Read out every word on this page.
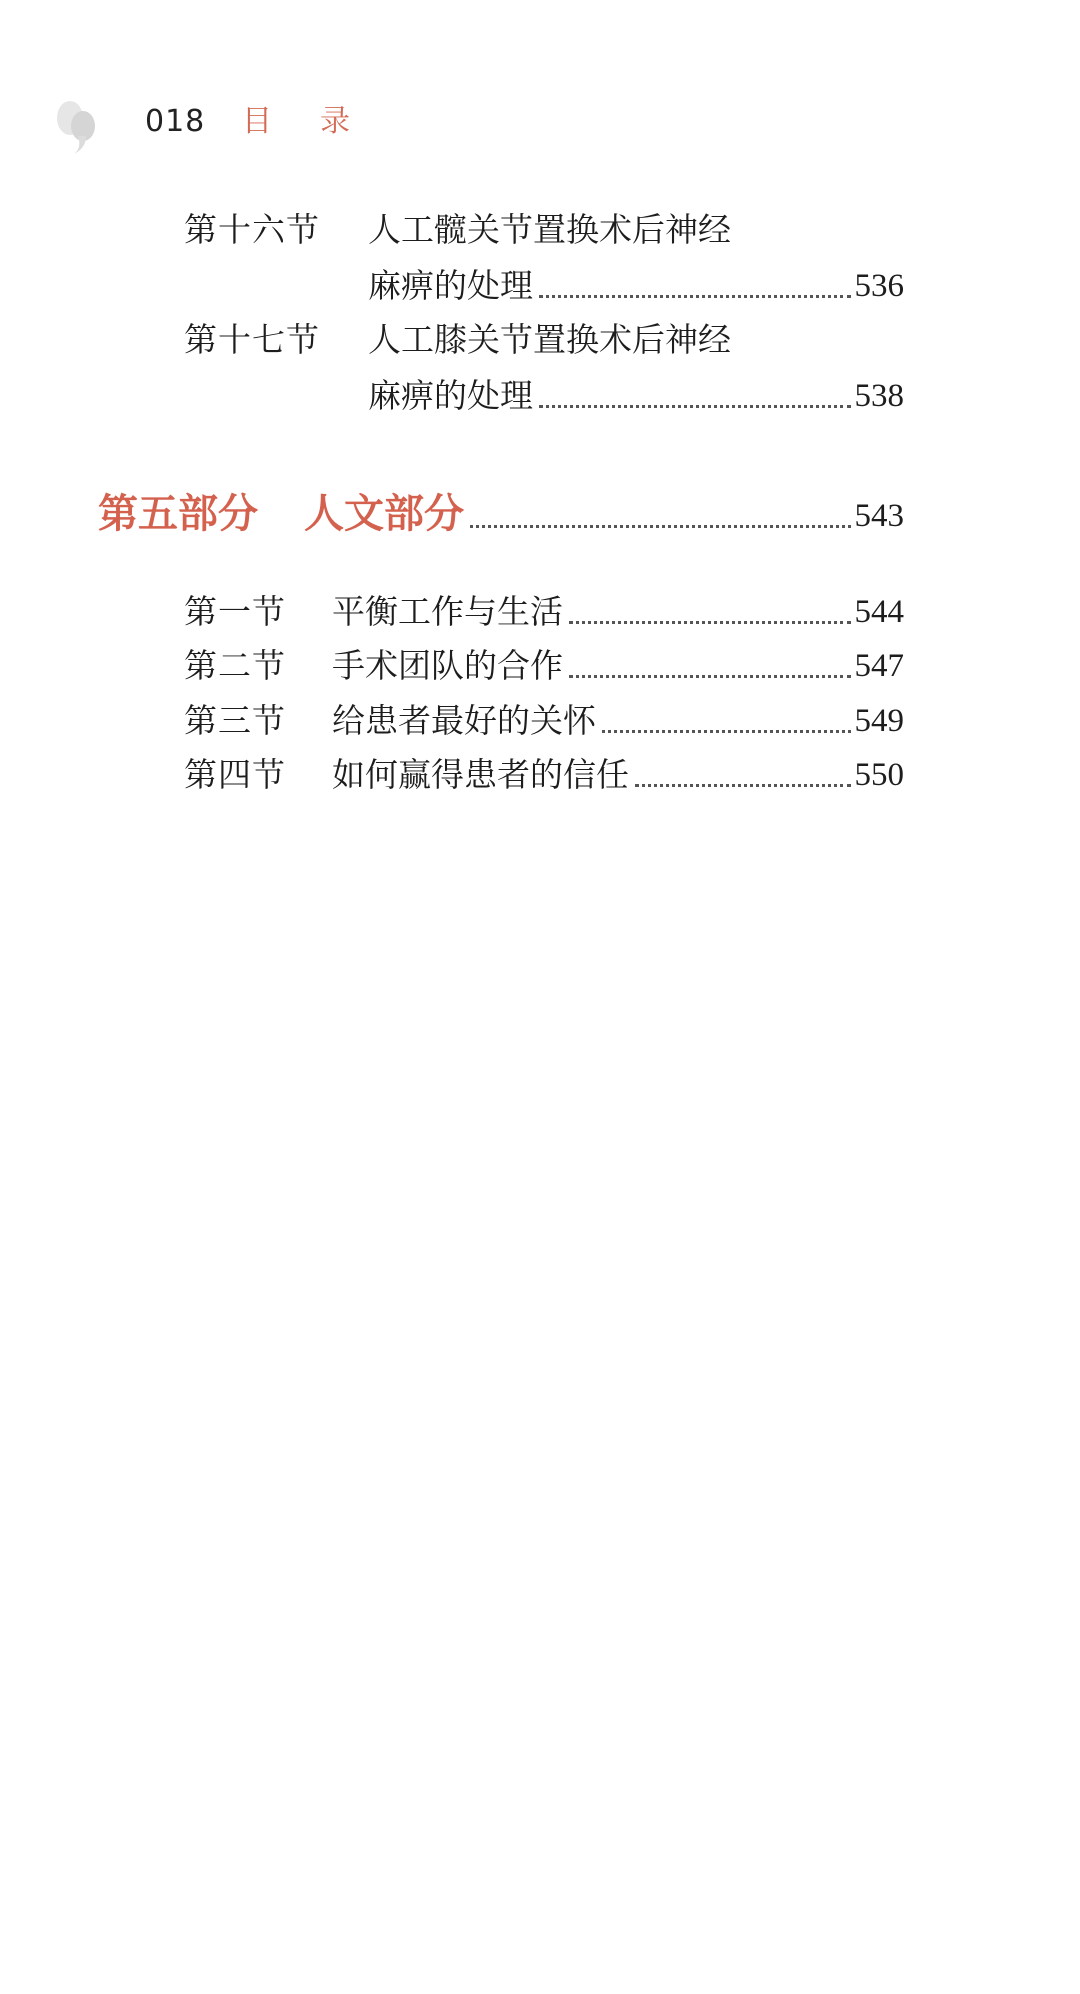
018 目 录
第十六节	人工髋关节置换术后神经
麻痹的处理	536
第十七节	人工膝关节置换术后神经
麻痹的处理	538
第五部分 人文部分	543
第一节	平衡工作与生活	544
第二节	手术团队的合作	547
第三节	给患者最好的关怀	549
第四节	如何赢得患者的信任	550
